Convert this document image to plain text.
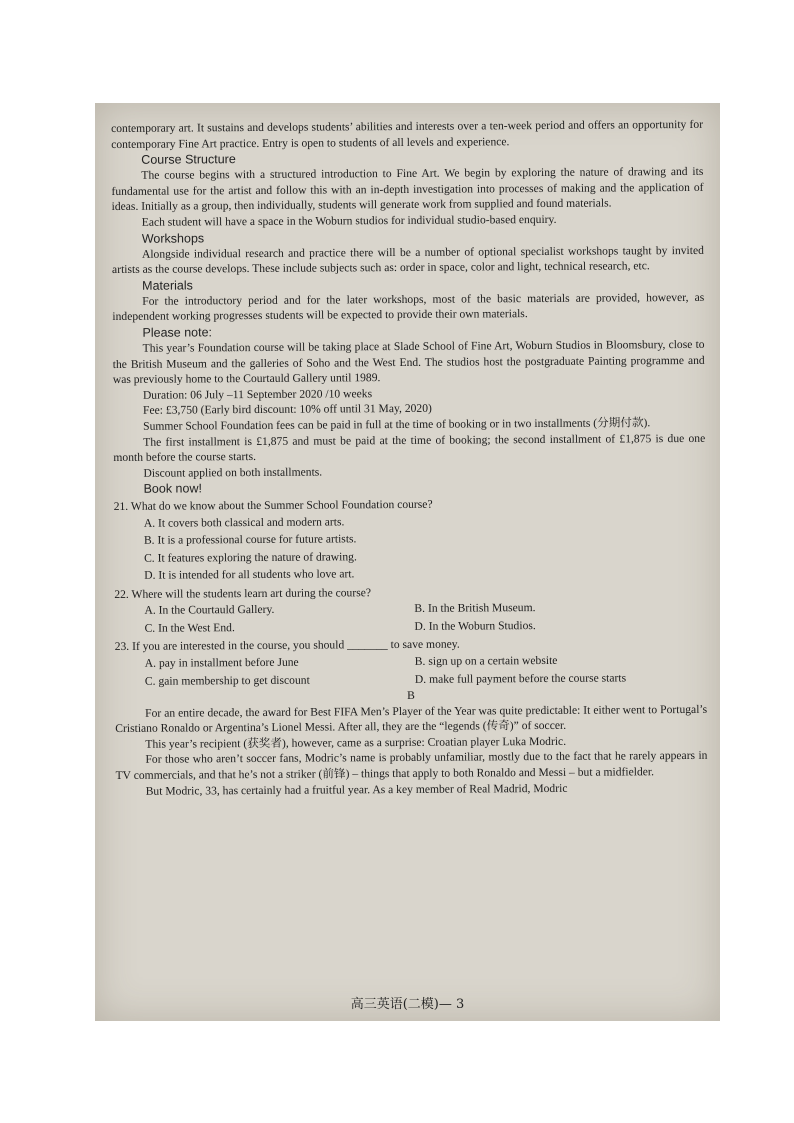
contemporary art. It sustains and develops students’ abilities and interests over a ten-week period and offers an opportunity for contemporary Fine Art practice. Entry is open to students of all levels and experience.

Course Structure

The course begins with a structured introduction to Fine Art. We begin by exploring the nature of drawing and its fundamental use for the artist and follow this with an in-depth investigation into processes of making and the application of ideas. Initially as a group, then individually, students will generate work from supplied and found materials.

Each student will have a space in the Woburn studios for individual studio-based enquiry.

Workshops

Alongside individual research and practice there will be a number of optional specialist workshops taught by invited artists as the course develops. These include subjects such as: order in space, color and light, technical research, etc.

Materials

For the introductory period and for the later workshops, most of the basic materials are provided, however, as independent working progresses students will be expected to provide their own materials.

Please note:

This year’s Foundation course will be taking place at Slade School of Fine Art, Woburn Studios in Bloomsbury, close to the British Museum and the galleries of Soho and the West End. The studios host the postgraduate Painting programme and was previously home to the Courtauld Gallery until 1989.

Duration: 06 July –11 September 2020 /10 weeks

Fee: £3,750 (Early bird discount: 10% off until 31 May, 2020)

Summer School Foundation fees can be paid in full at the time of booking or in two installments (分期付款).

The first installment is £1,875 and must be paid at the time of booking; the second installment of £1,875 is due one month before the course starts.

Discount applied on both installments.

Book now!

21. What do we know about the Summer School Foundation course?

A. It covers both classical and modern arts.

B. It is a professional course for future artists.

C. It features exploring the nature of drawing.

D. It is intended for all students who love art.

22. Where will the students learn art during the course?

A. In the Courtauld Gallery.	B. In the British Museum.
C. In the West End.	D. In the Woburn Studios.

23. If you are interested in the course, you should _______ to save money.

A. pay in installment before June	B. sign up on a certain website
C. gain membership to get discount	D. make full payment before the course starts

B

For an entire decade, the award for Best FIFA Men’s Player of the Year was quite predictable: It either went to Portugal’s Cristiano Ronaldo or Argentina’s Lionel Messi. After all, they are the “legends (传奇)” of soccer.

This year’s recipient (获奖者), however, came as a surprise: Croatian player Luka Modric.

For those who aren’t soccer fans, Modric’s name is probably unfamiliar, mostly due to the fact that he rarely appears in TV commercials, and that he’s not a striker (前锋) – things that apply to both Ronaldo and Messi – but a midfielder.

But Modric, 33, has certainly had a fruitful year. As a key member of Real Madrid, Modric

高三英语(二模)— 3
